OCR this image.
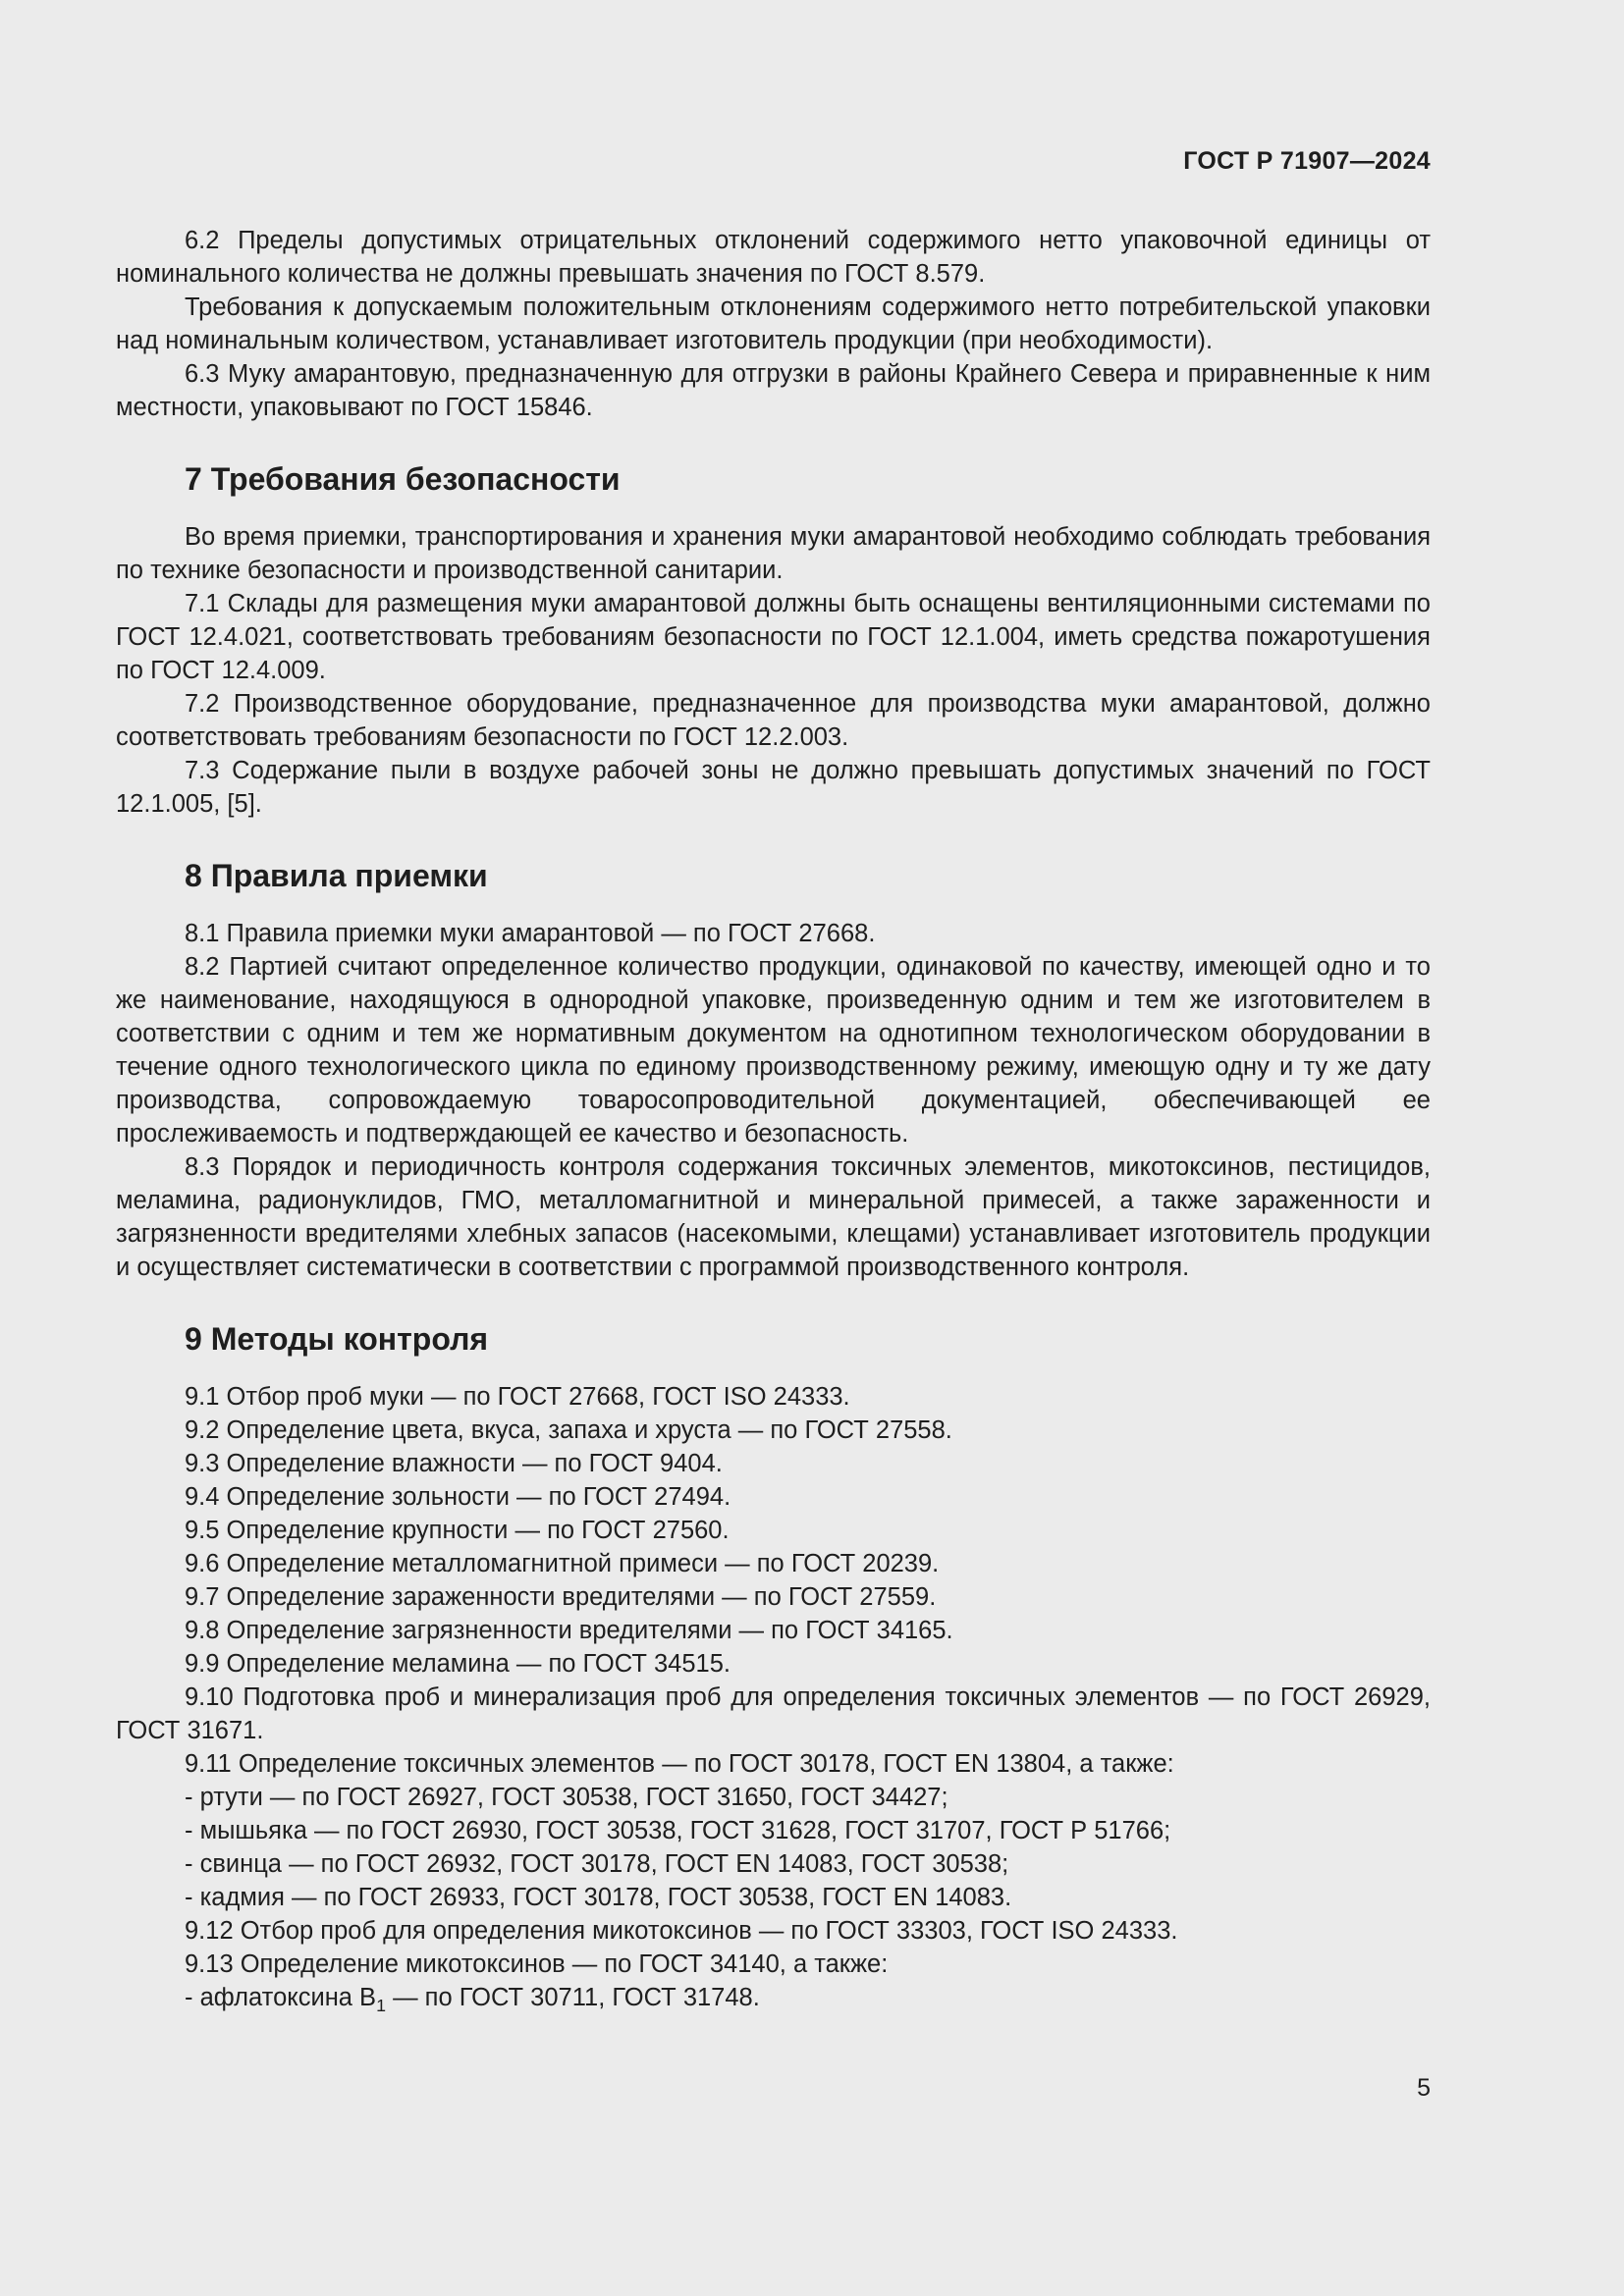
ГОСТ Р 71907—2024

6.2 Пределы допустимых отрицательных отклонений содержимого нетто упаковочной единицы от номинального количества не должны превышать значения по ГОСТ 8.579.

Требования к допускаемым положительным отклонениям содержимого нетто потребительской упаковки над номинальным количеством, устанавливает изготовитель продукции (при необходимости).

6.3 Муку амарантовую, предназначенную для отгрузки в районы Крайнего Севера и приравненные к ним местности, упаковывают по ГОСТ 15846.

7 Требования безопасности

Во время приемки, транспортирования и хранения муки амарантовой необходимо соблюдать требования по технике безопасности и производственной санитарии.

7.1 Склады для размещения муки амарантовой должны быть оснащены вентиляционными системами по ГОСТ 12.4.021, соответствовать требованиям безопасности по ГОСТ 12.1.004, иметь средства пожаротушения по ГОСТ 12.4.009.

7.2 Производственное оборудование, предназначенное для производства муки амарантовой, должно соответствовать требованиям безопасности по ГОСТ 12.2.003.

7.3 Содержание пыли в воздухе рабочей зоны не должно превышать допустимых значений по ГОСТ 12.1.005, [5].

8 Правила приемки

8.1 Правила приемки муки амарантовой — по ГОСТ 27668.

8.2 Партией считают определенное количество продукции, одинаковой по качеству, имеющей одно и то же наименование, находящуюся в однородной упаковке, произведенную одним и тем же изготовителем в соответствии с одним и тем же нормативным документом на однотипном технологическом оборудовании в течение одного технологического цикла по единому производственному режиму, имеющую одну и ту же дату производства, сопровождаемую товаросопроводительной документацией, обеспечивающей ее прослеживаемость и подтверждающей ее качество и безопасность.

8.3 Порядок и периодичность контроля содержания токсичных элементов, микотоксинов, пестицидов, меламина, радионуклидов, ГМО, металломагнитной и минеральной примесей, а также зараженности и загрязненности вредителями хлебных запасов (насекомыми, клещами) устанавливает изготовитель продукции и осуществляет систематически в соответствии с программой производственного контроля.

9 Методы контроля
9.1 Отбор проб муки — по ГОСТ 27668, ГОСТ ISO 24333.
9.2 Определение цвета, вкуса, запаха и хруста — по ГОСТ 27558.
9.3 Определение влажности — по ГОСТ 9404.
9.4 Определение зольности — по ГОСТ 27494.
9.5 Определение крупности — по ГОСТ 27560.
9.6 Определение металломагнитной примеси — по ГОСТ 20239.
9.7 Определение зараженности вредителями — по ГОСТ 27559.
9.8 Определение загрязненности вредителями — по ГОСТ 34165.
9.9 Определение меламина — по ГОСТ 34515.

9.10 Подготовка проб и минерализация проб для определения токсичных элементов — по ГОСТ 26929, ГОСТ 31671.

9.11 Определение токсичных элементов — по ГОСТ 30178, ГОСТ EN 13804, а также:
- ртути — по ГОСТ 26927, ГОСТ 30538, ГОСТ 31650, ГОСТ 34427;
- мышьяка — по ГОСТ 26930, ГОСТ 30538, ГОСТ 31628, ГОСТ 31707, ГОСТ Р 51766;
- свинца — по ГОСТ 26932, ГОСТ 30178, ГОСТ EN 14083, ГОСТ 30538;
- кадмия — по ГОСТ 26933, ГОСТ 30178, ГОСТ 30538, ГОСТ EN 14083.
9.12 Отбор проб для определения микотоксинов — по ГОСТ 33303, ГОСТ ISO 24333.
9.13 Определение микотоксинов — по ГОСТ 34140, а также:
- афлатоксина $B_1$ — по ГОСТ 30711, ГОСТ 31748.
5
